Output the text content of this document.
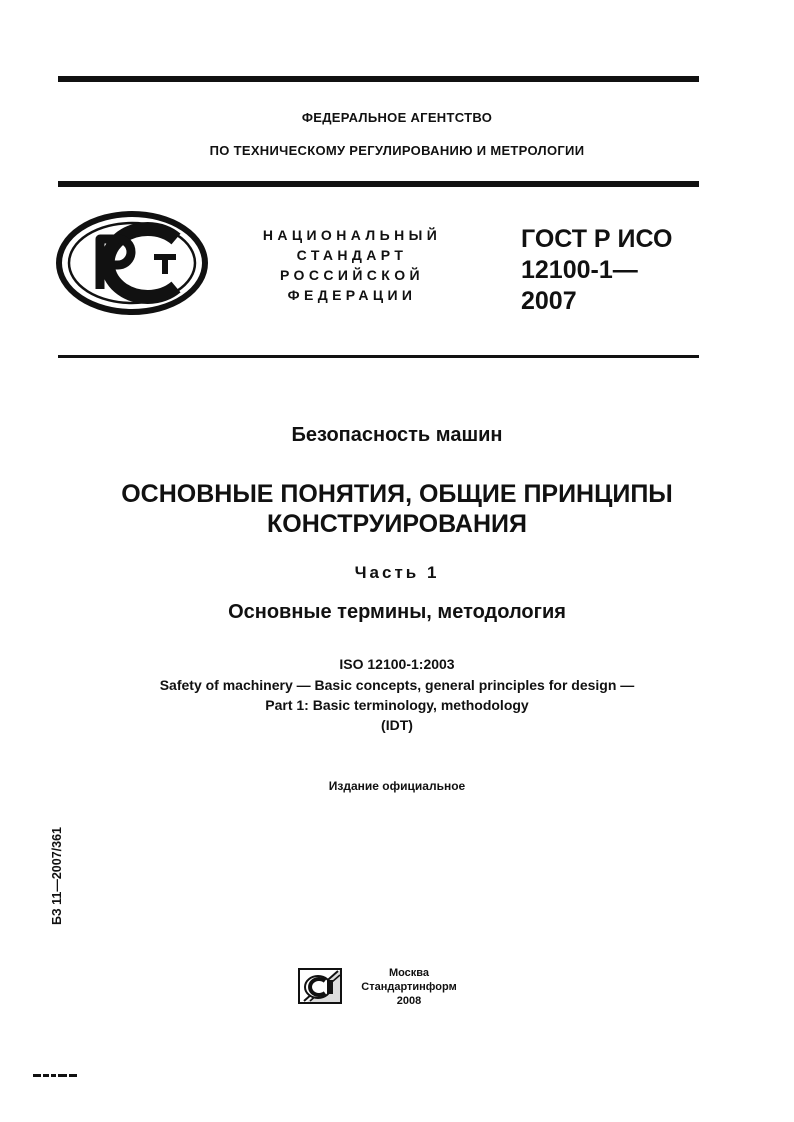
ФЕДЕРАЛЬНОЕ АГЕНТСТВО
ПО ТЕХНИЧЕСКОМУ РЕГУЛИРОВАНИЮ И МЕТРОЛОГИИ
НАЦИОНАЛЬНЫЙ
СТАНДАРТ
РОССИЙСКОЙ
ФЕДЕРАЦИИ
ГОСТ Р ИСО
12100-1—
2007
Безопасность машин
ОСНОВНЫЕ ПОНЯТИЯ, ОБЩИЕ ПРИНЦИПЫ
КОНСТРУИРОВАНИЯ
Часть 1
Основные термины, методология
ISO 12100-1:2003
Safety of machinery — Basic concepts, general principles for design —
Part 1: Basic terminology, methodology
(IDT)
Издание официальное
БЗ 11—2007/361
Москва
Стандартинформ
2008
